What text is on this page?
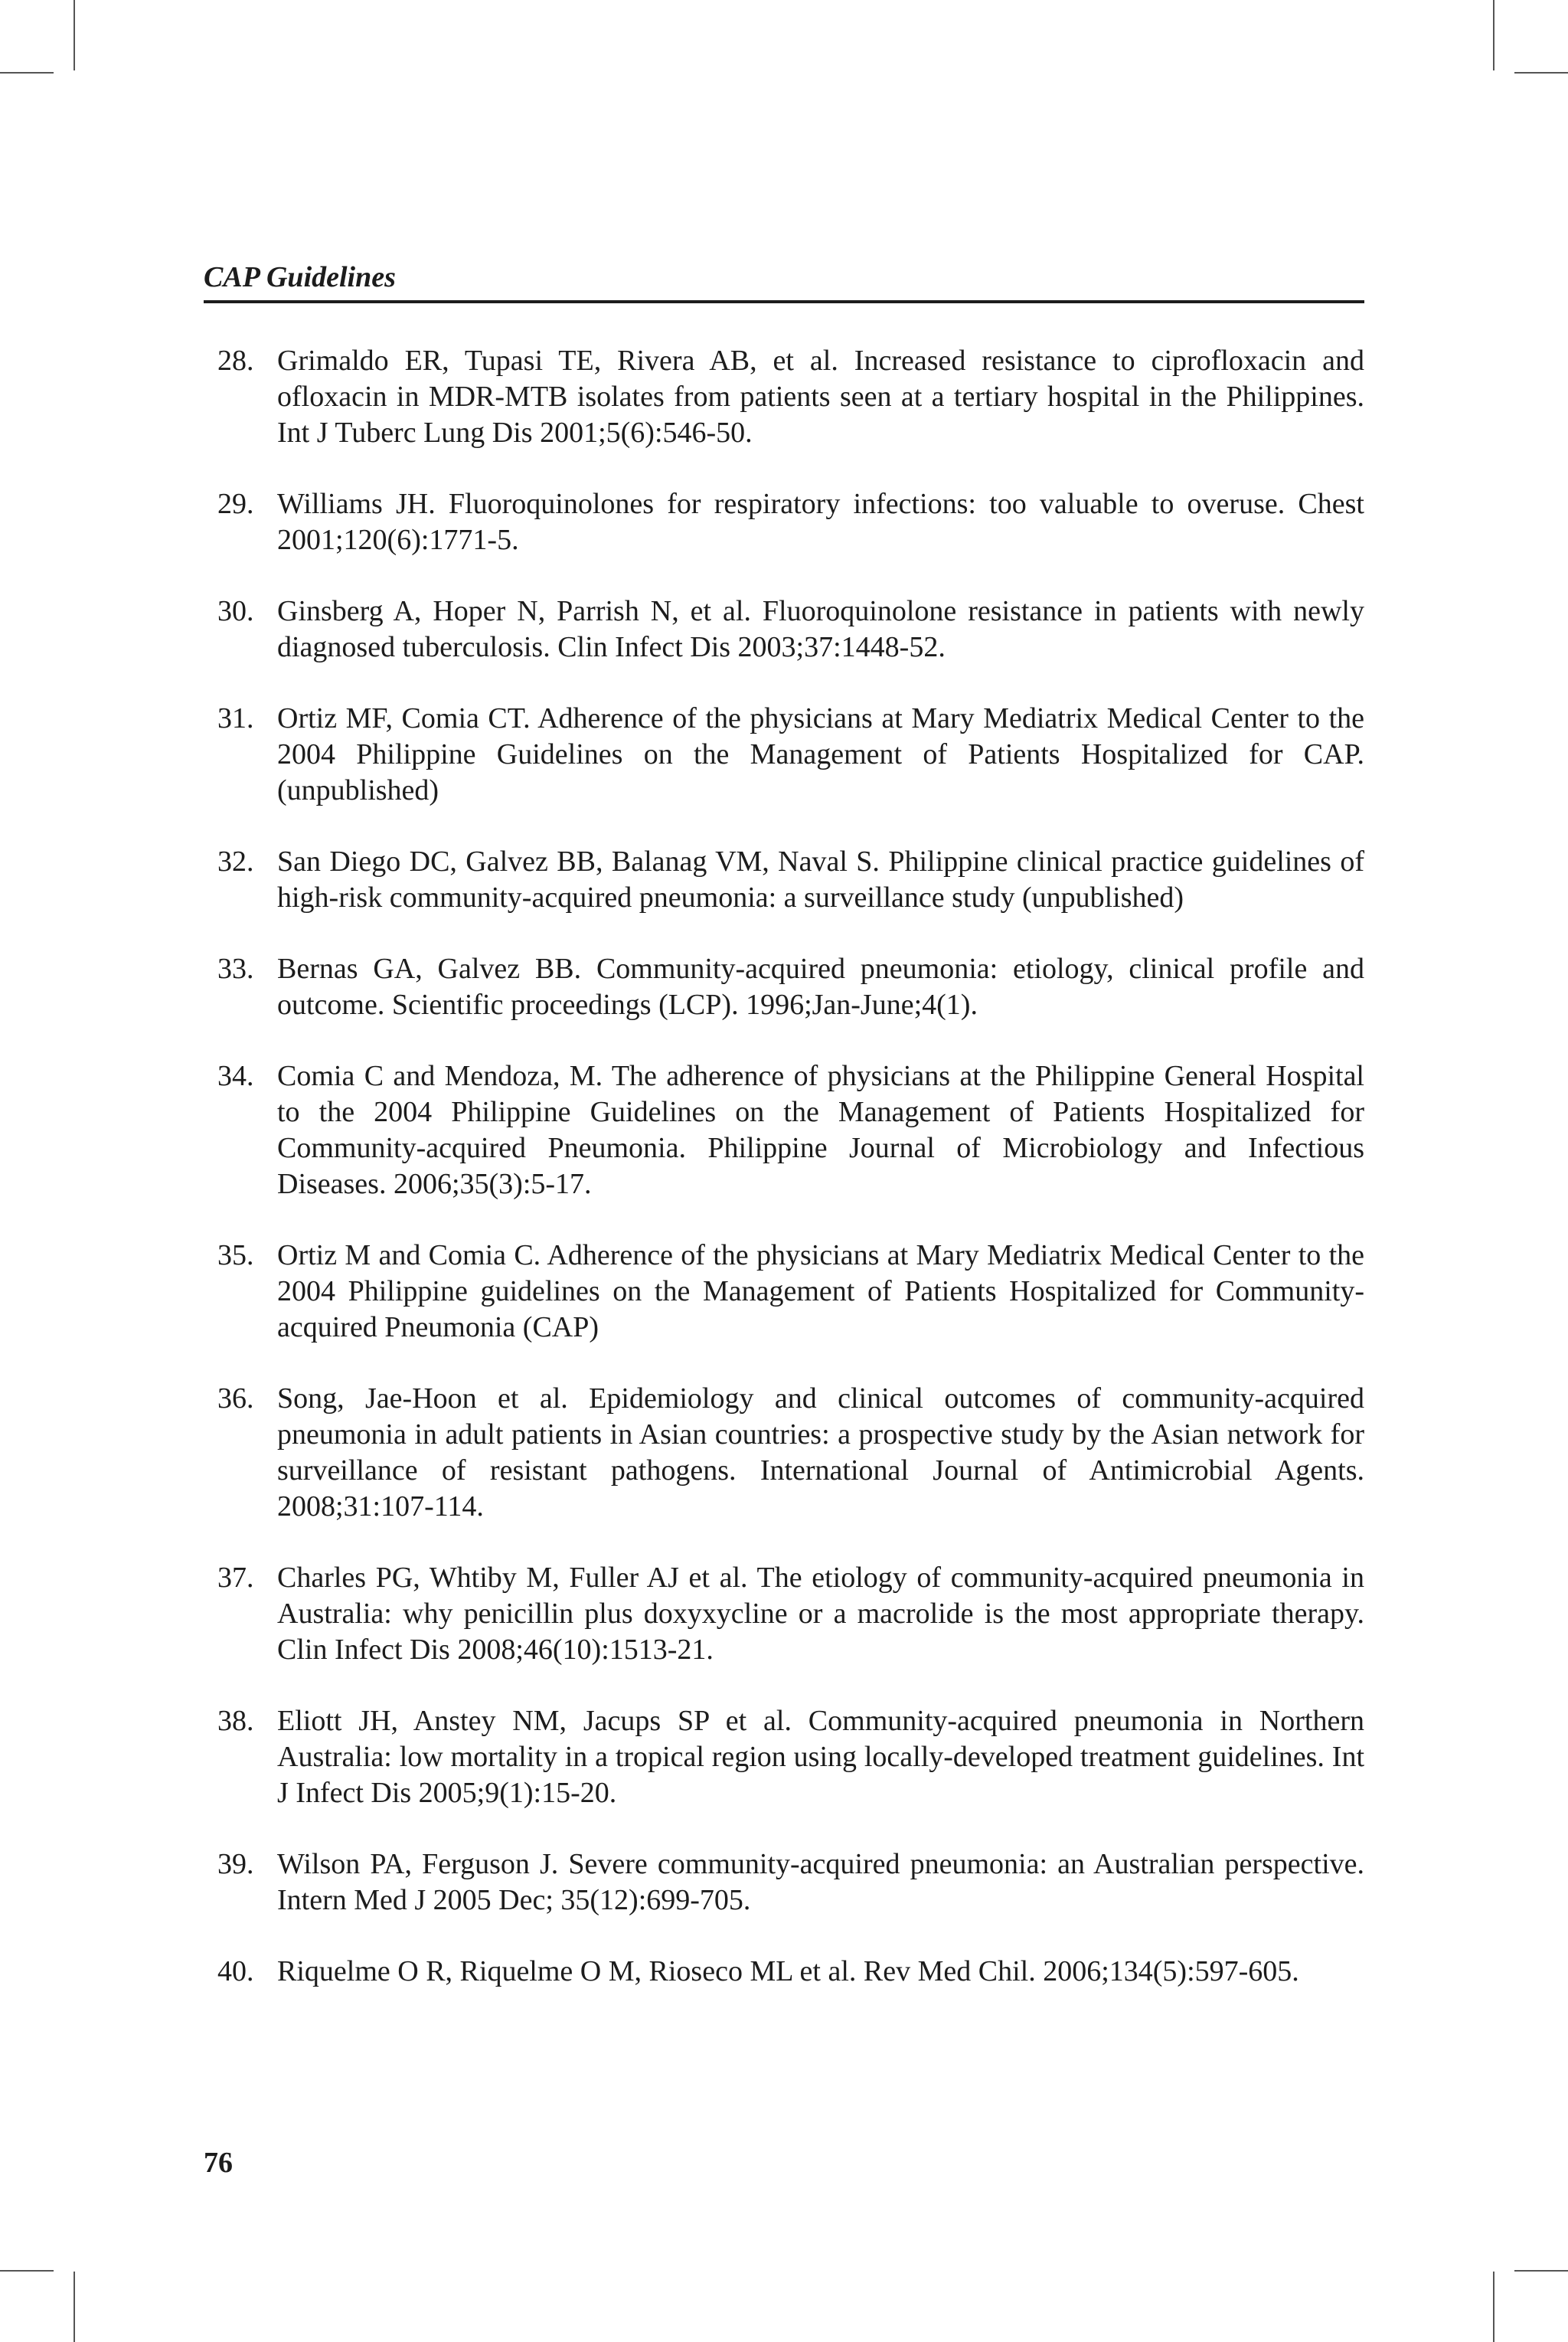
CAP Guidelines
28. Grimaldo ER, Tupasi TE, Rivera AB, et al. Increased resistance to ciprofloxacin and ofloxacin in MDR-MTB isolates from patients seen at a tertiary hospital in the Philippines. Int J Tuberc Lung Dis 2001;5(6):546-50.
29. Williams JH. Fluoroquinolones for respiratory infections: too valuable to overuse. Chest 2001;120(6):1771-5.
30. Ginsberg A, Hoper N, Parrish N, et al. Fluoroquinolone resistance in patients with newly diagnosed tuberculosis. Clin Infect Dis 2003;37:1448-52.
31. Ortiz MF, Comia CT. Adherence of the physicians at Mary Mediatrix Medical Center to the 2004 Philippine Guidelines on the Management of Patients Hospitalized for CAP. (unpublished)
32. San Diego DC, Galvez BB, Balanag VM, Naval S. Philippine clinical practice guidelines of high-risk community-acquired pneumonia: a surveillance study (unpublished)
33. Bernas GA, Galvez BB. Community-acquired pneumonia: etiology, clinical profile and outcome. Scientific proceedings (LCP). 1996;Jan-June;4(1).
34. Comia C and Mendoza, M. The adherence of physicians at the Philippine General Hospital to the 2004 Philippine Guidelines on the Management of Patients Hospitalized for Community-acquired Pneumonia. Philippine Journal of Microbiology and Infectious Diseases. 2006;35(3):5-17.
35. Ortiz M and Comia C. Adherence of the physicians at Mary Mediatrix Medical Center to the 2004 Philippine guidelines on the Management of Patients Hospitalized for Community-acquired Pneumonia (CAP)
36. Song, Jae-Hoon et al. Epidemiology and clinical outcomes of community-acquired pneumonia in adult patients in Asian countries: a prospective study by the Asian network for surveillance of resistant pathogens. International Journal of Antimicrobial Agents. 2008;31:107-114.
37. Charles PG, Whtiby M, Fuller AJ et al. The etiology of community-acquired pneumonia in Australia: why penicillin plus doxyxycline or a macrolide is the most appropriate therapy. Clin Infect Dis 2008;46(10):1513-21.
38. Eliott JH, Anstey NM, Jacups SP et al. Community-acquired pneumonia in Northern Australia: low mortality in a tropical region using locally-developed treatment guidelines. Int J Infect Dis 2005;9(1):15-20.
39. Wilson PA, Ferguson J. Severe community-acquired pneumonia: an Australian perspective. Intern Med J 2005 Dec; 35(12):699-705.
40. Riquelme O R, Riquelme O M, Rioseco ML et al. Rev Med Chil. 2006;134(5):597-605.
76
